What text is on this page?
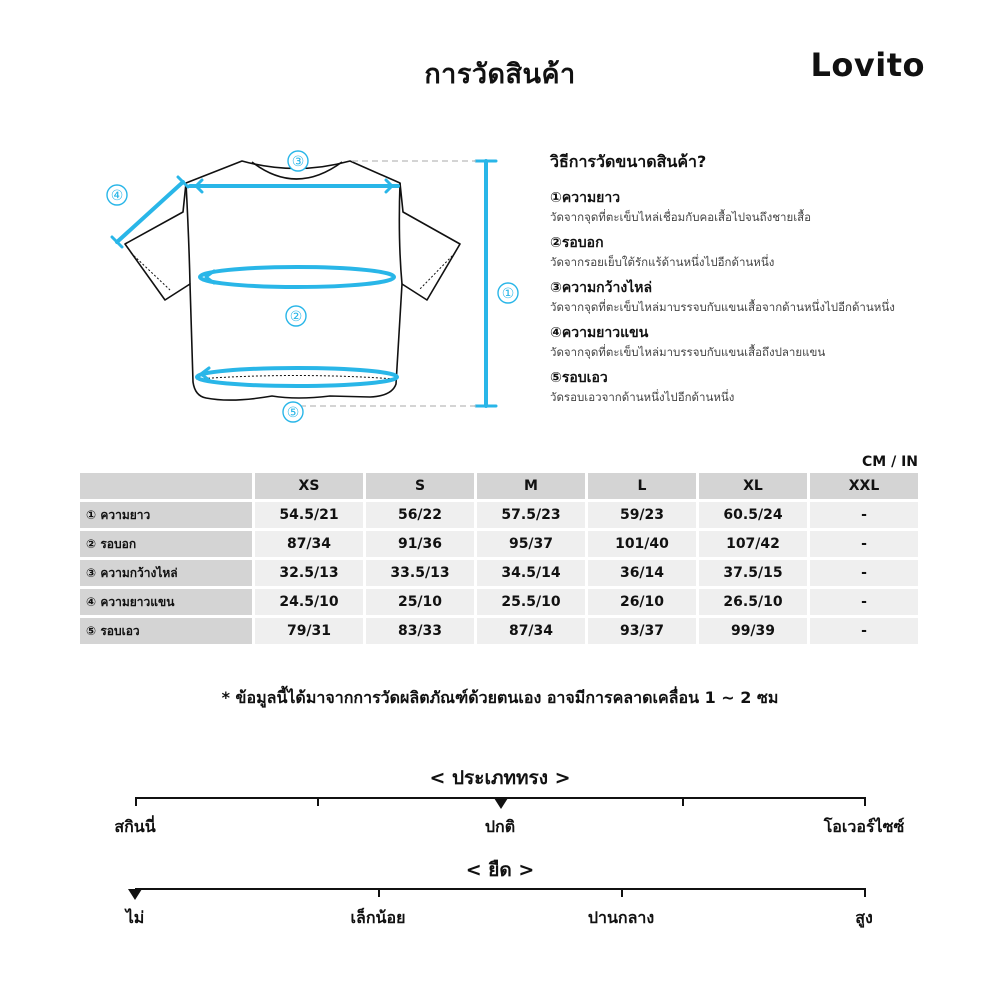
การวัดสินค้า	Lovito
③
④
②
①
⑤
วิธีการวัดขนาดสินค้า?
①ความยาว
วัดจากจุดที่ตะเข็บไหล่เชื่อมกับคอเสื้อไปจนถึงชายเสื้อ
②รอบอก
วัดจากรอยเย็บใต้รักแร้ด้านหนึ่งไปอีกด้านหนึ่ง
③ความกว้างไหล่
วัดจากจุดที่ตะเข็บไหล่มาบรรจบกับแขนเสื้อจากด้านหนึ่งไปอีกด้านหนึ่ง
④ความยาวแขน
วัดจากจุดที่ตะเข็บไหล่มาบรรจบกับแขนเสื้อถึงปลายแขน
⑤รอบเอว
วัดรอบเอวจากด้านหนึ่งไปอีกด้านหนึ่ง
CM / IN
	XS	S	M	L	XL	XXL
① ความยาว	54.5/21	56/22	57.5/23	59/23	60.5/24	-
② รอบอก	87/34	91/36	95/37	101/40	107/42	-
③ ความกว้างไหล่	32.5/13	33.5/13	34.5/14	36/14	37.5/15	-
④ ความยาวแขน	24.5/10	25/10	25.5/10	26/10	26.5/10	-
⑤ รอบเอว	79/31	83/33	87/34	93/37	99/39	-
* ข้อมูลนี้ได้มาจากการวัดผลิตภัณฑ์ด้วยตนเอง อาจมีการคลาดเคลื่อน 1 ~ 2 ซม
< ประเภททรง >
สกินนี่	ปกติ	โอเวอร์ไซซ์
< ยืด >
ไม่	เล็กน้อย	ปานกลาง	สูง
